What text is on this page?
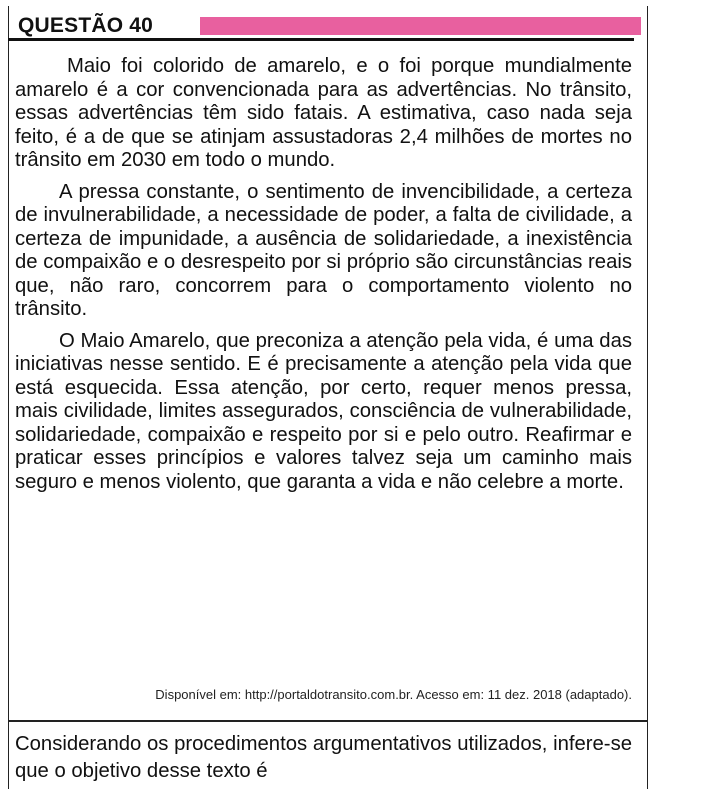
QUESTÃO 40

Maio foi colorido de amarelo, e o foi porque mundialmente amarelo é a cor convencionada para as advertências. No trânsito, essas advertências têm sido fatais. A estimativa, caso nada seja feito, é a de que se atinjam assustadoras 2,4 milhões de mortes no trânsito em 2030 em todo o mundo.

A pressa constante, o sentimento de invencibilidade, a certeza de invulnerabilidade, a necessidade de poder, a falta de civilidade, a certeza de impunidade, a ausência de solidariedade, a inexistência de compaixão e o desrespeito por si próprio são circunstâncias reais que, não raro, concorrem para o comportamento violento no trânsito.

O Maio Amarelo, que preconiza a atenção pela vida, é uma das iniciativas nesse sentido. E é precisamente a atenção pela vida que está esquecida. Essa atenção, por certo, requer menos pressa, mais civilidade, limites assegurados, consciência de vulnerabilidade, solidariedade, compaixão e respeito por si e pelo outro. Reafirmar e praticar esses princípios e valores talvez seja um caminho mais seguro e menos violento, que garanta a vida e não celebre a morte.

Disponível em: http://portaldotransito.com.br. Acesso em: 11 dez. 2018 (adaptado).
Considerando os procedimentos argumentativos utilizados, infere-se que o objetivo desse texto é
